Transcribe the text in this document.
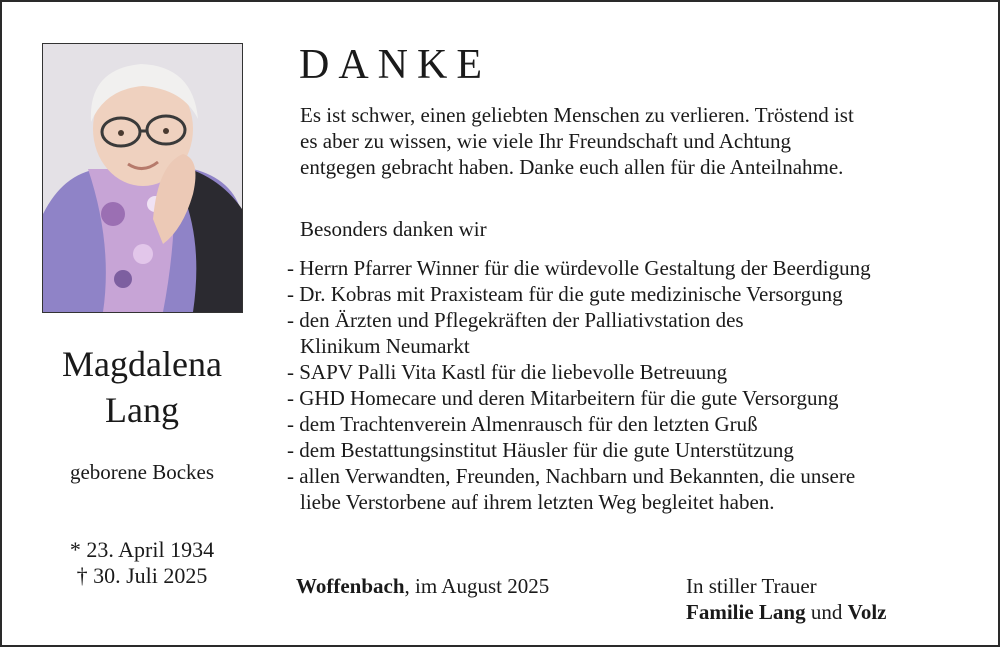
Magdalena
Lang
geborene Bockes
* 23. April 1934
† 30. Juli 2025
DANKE

Es ist schwer, einen geliebten Menschen zu verlieren. Tröstend ist
es aber zu wissen, wie viele Ihr Freundschaft und Achtung
entgegen gebracht haben. Danke euch allen für die Anteilnahme.

Besonders danken wir
- Herrn Pfarrer Winner für die würdevolle Gestaltung der Beerdigung
- Dr. Kobras mit Praxisteam für die gute medizinische Versorgung
- den Ärzten und Pflegekräften der Palliativstation des
Klinikum Neumarkt
- SAPV Palli Vita Kastl für die liebevolle Betreuung
- GHD Homecare und deren Mitarbeitern für die gute Versorgung
- dem Trachtenverein Almenrausch für den letzten Gruß
- dem Bestattungsinstitut Häusler für die gute Unterstützung
- allen Verwandten, Freunden, Nachbarn und Bekannten, die unsere
liebe Verstorbene auf ihrem letzten Weg begleitet haben.
Woffenbach, im August 2025	In stiller Trauer
Familie Lang und Volz
